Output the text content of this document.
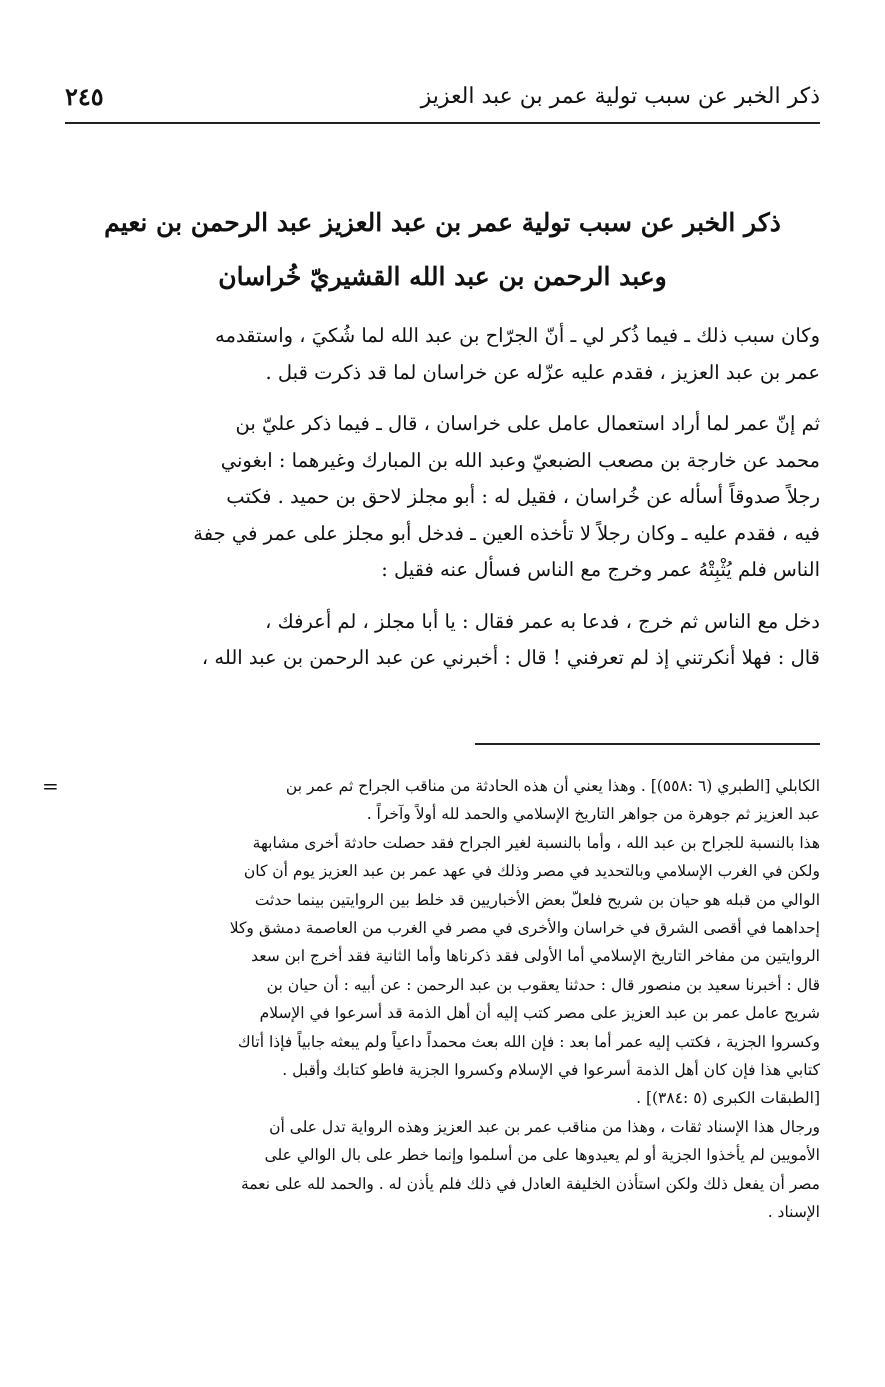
ذكر الخبر عن سبب تولية عمر بن عبد العزيز
٢٤٥
ذكر الخبر عن سبب تولية عمر بن عبد العزيز عبد الرحمن بن نعيم
وعبد الرحمن بن عبد الله القشيريّ خُراسان
وكان سبب ذلك ـ فيما ذُكر لي ـ أنّ الجرّاح بن عبد الله لما شُكيَ ، واستقدمه
عمر بن عبد العزيز ، فقدم عليه عزّله عن خراسان لما قد ذكرت قبل .
ثم إنّ عمر لما أراد استعمال عامل على خراسان ، قال ـ فيما ذكر عليّ بن
محمد عن خارجة بن مصعب الضبعيّ وعبد الله بن المبارك وغيرهما : ابغوني
رجلاً صدوقاً أسأله عن خُراسان ، فقيل له : أبو مجلز لاحق بن حميد . فكتب
فيه ، فقدم عليه ـ وكان رجلاً لا تأخذه العين ـ فدخل أبو مجلز على عمر في جفة
الناس فلم يُثْبِتْهُ عمر وخرج مع الناس فسأل عنه فقيل :
دخل مع الناس ثم خرج ، فدعا به عمر فقال : يا أبا مجلز ، لم أعرفك ،
قال : فهلا أنكرتني إذ لم تعرفني ! قال : أخبرني عن عبد الرحمن بن عبد الله ،
=	الكابلي [الطبري (٦ :٥٥٨)] . وهذا يعني أن هذه الحادثة من مناقب الجراح ثم عمر بن
عبد العزيز ثم جوهرة من جواهر التاريخ الإسلامي والحمد لله أولاً وآخراً .
هذا بالنسبة للجراح بن عبد الله ، وأما بالنسبة لغير الجراح فقد حصلت حادثة أخرى مشابهة
ولكن في الغرب الإسلامي وبالتحديد في مصر وذلك في عهد عمر بن عبد العزيز يوم أن كان
الوالي من قبله هو حيان بن شريح فلعلّ بعض الأخباريين قد خلط بين الروايتين بينما حدثت
إحداهما في أقصى الشرق في خراسان والأخرى في مصر في الغرب من العاصمة دمشق وكلا
الروايتين من مفاخر التاريخ الإسلامي أما الأولى فقد ذكرناها وأما الثانية فقد أخرج ابن سعد
قال : أخبرنا سعيد بن منصور قال : حدثنا يعقوب بن عبد الرحمن : عن أبيه : أن حيان بن
شريح عامل عمر بن عبد العزيز على مصر كتب إليه أن أهل الذمة قد أسرعوا في الإسلام
وكسروا الجزية ، فكتب إليه عمر أما بعد : فإن الله بعث محمداً داعياً ولم يبعثه جابياً فإذا أتاك
كتابي هذا فإن كان أهل الذمة أسرعوا في الإسلام وكسروا الجزية فاطو كتابك وأقبل .
[الطبقات الكبرى (٥ :٣٨٤)] .
ورجال هذا الإسناد ثقات ، وهذا من مناقب عمر بن عبد العزيز وهذه الرواية تدل على أن
الأمويين لم يأخذوا الجزية أو لم يعيدوها على من أسلموا وإنما خطر على بال الوالي على
مصر أن يفعل ذلك ولكن استأذن الخليفة العادل في ذلك فلم يأذن له . والحمد لله على نعمة
الإسناد .
